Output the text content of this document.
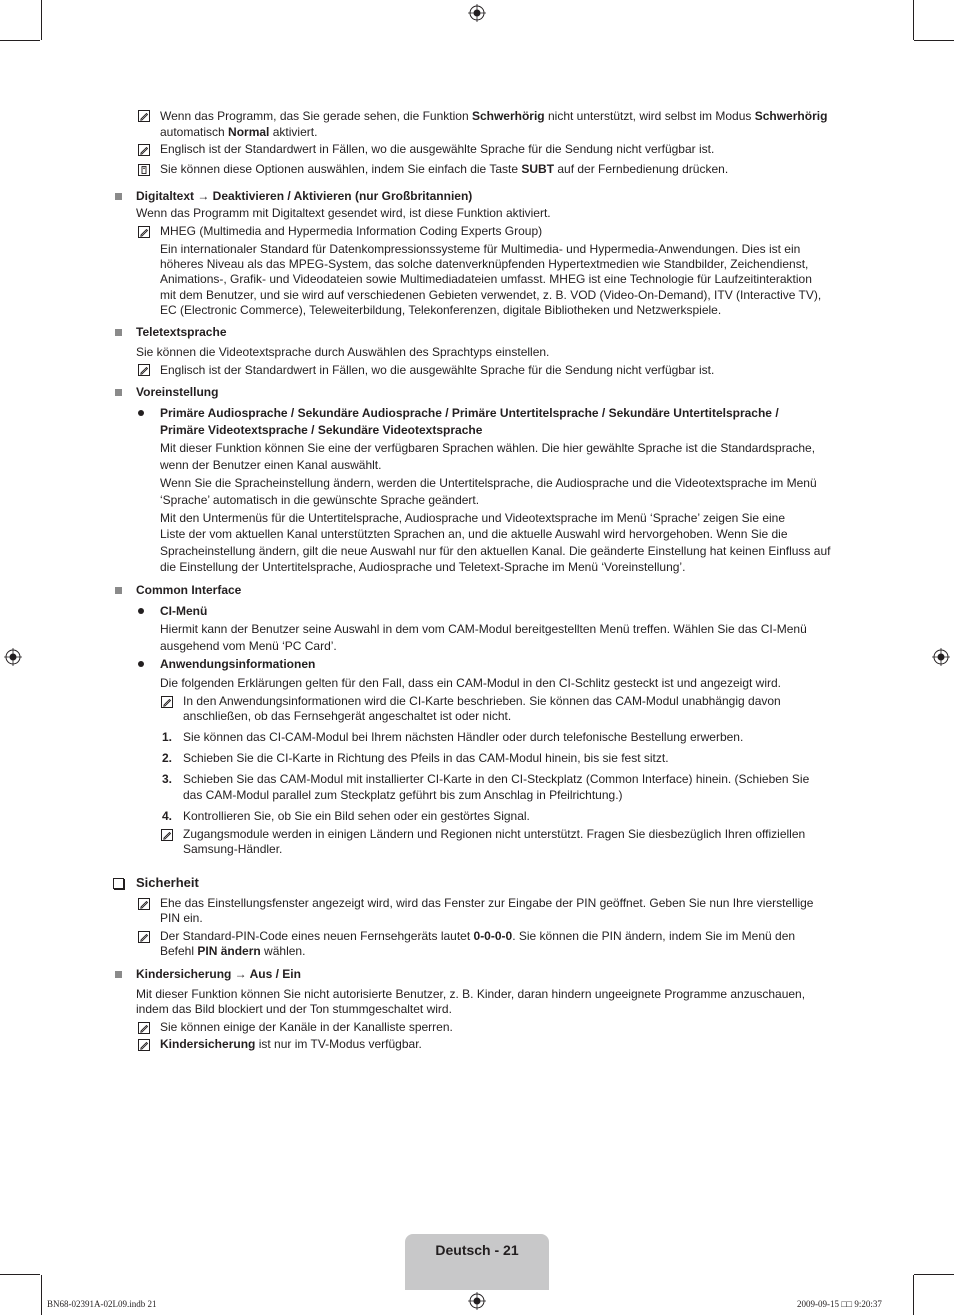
Wenn das Programm, das Sie gerade sehen, die Funktion Schwerhörig nicht unterstützt, wird selbst im Modus Schwerhörig
automatisch Normal aktiviert.
Englisch ist der Standardwert in Fällen, wo die ausgewählte Sprache für die Sendung nicht verfügbar ist.
Sie können diese Optionen auswählen, indem Sie einfach die Taste SUBT auf der Fernbedienung drücken.
Digitaltext → Deaktivieren / Aktivieren (nur Großbritannien)
Wenn das Programm mit Digitaltext gesendet wird, ist diese Funktion aktiviert.
MHEG (Multimedia and Hypermedia Information Coding Experts Group)
Ein internationaler Standard für Datenkompressionssysteme für Multimedia- und Hypermedia-Anwendungen. Dies ist ein
höheres Niveau als das MPEG-System, das solche datenverknüpfenden Hypertextmedien wie Standbilder, Zeichendienst,
Animations-, Grafik- und Videodateien sowie Multimediadateien umfasst. MHEG ist eine Technologie für Laufzeitinteraktion
mit dem Benutzer, und sie wird auf verschiedenen Gebieten verwendet, z. B. VOD (Video-On-Demand), ITV (Interactive TV),
EC (Electronic Commerce), Teleweiterbildung, Telekonferenzen, digitale Bibliotheken und Netzwerkspiele.
Teletextsprache
Sie können die Videotextsprache durch Auswählen des Sprachtyps einstellen.
Englisch ist der Standardwert in Fällen, wo die ausgewählte Sprache für die Sendung nicht verfügbar ist.
Voreinstellung
Primäre Audiosprache / Sekundäre Audiosprache / Primäre Untertitelsprache / Sekundäre Untertitelsprache /
Primäre Videotextsprache / Sekundäre Videotextsprache
Mit dieser Funktion können Sie eine der verfügbaren Sprachen wählen. Die hier gewählte Sprache ist die Standardsprache,
wenn der Benutzer einen Kanal auswählt.
Wenn Sie die Spracheinstellung ändern, werden die Untertitelsprache, die Audiosprache und die Videotextsprache im Menü
‘Sprache’ automatisch in die gewünschte Sprache geändert.
Mit den Untermenüs für die Untertitelsprache, Audiosprache und Videotextsprache im Menü ‘Sprache’ zeigen Sie eine
Liste der vom aktuellen Kanal unterstützten Sprachen an, und die aktuelle Auswahl wird hervorgehoben. Wenn Sie die
Spracheinstellung ändern, gilt die neue Auswahl nur für den aktuellen Kanal. Die geänderte Einstellung hat keinen Einfluss auf
die Einstellung der Untertitelsprache, Audiosprache und Teletext-Sprache im Menü ‘Voreinstellung’.
Common Interface
CI-Menü
Hiermit kann der Benutzer seine Auswahl in dem vom CAM-Modul bereitgestellten Menü treffen. Wählen Sie das CI-Menü
ausgehend vom Menü ‘PC Card’.
Anwendungsinformationen
Die folgenden Erklärungen gelten für den Fall, dass ein CAM-Modul in den CI-Schlitz gesteckt ist und angezeigt wird.
In den Anwendungsinformationen wird die CI-Karte beschrieben. Sie können das CAM-Modul unabhängig davon
anschließen, ob das Fernsehgerät angeschaltet ist oder nicht.
1. Sie können das CI-CAM-Modul bei Ihrem nächsten Händler oder durch telefonische Bestellung erwerben.
2. Schieben Sie die CI-Karte in Richtung des Pfeils in das CAM-Modul hinein, bis sie fest sitzt.
3. Schieben Sie das CAM-Modul mit installierter CI-Karte in den CI-Steckplatz (Common Interface) hinein. (Schieben Sie
das CAM-Modul parallel zum Steckplatz geführt bis zum Anschlag in Pfeilrichtung.)
4. Kontrollieren Sie, ob Sie ein Bild sehen oder ein gestörtes Signal.
Zugangsmodule werden in einigen Ländern und Regionen nicht unterstützt. Fragen Sie diesbezüglich Ihren offiziellen
Samsung-Händler.
Sicherheit
Ehe das Einstellungsfenster angezeigt wird, wird das Fenster zur Eingabe der PIN geöffnet. Geben Sie nun Ihre vierstellige
PIN ein.
Der Standard-PIN-Code eines neuen Fernsehgeräts lautet 0-0-0-0. Sie können die PIN ändern, indem Sie im Menü den
Befehl PIN ändern wählen.
Kindersicherung → Aus / Ein
Mit dieser Funktion können Sie nicht autorisierte Benutzer, z. B. Kinder, daran hindern ungeeignete Programme anzuschauen,
indem das Bild blockiert und der Ton stummgeschaltet wird.
Sie können einige der Kanäle in der Kanalliste sperren.
Kindersicherung ist nur im TV-Modus verfügbar.
Deutsch - 21
BN68-02391A-02L09.indb 21	2009-09-15 □□ 9:20:37
